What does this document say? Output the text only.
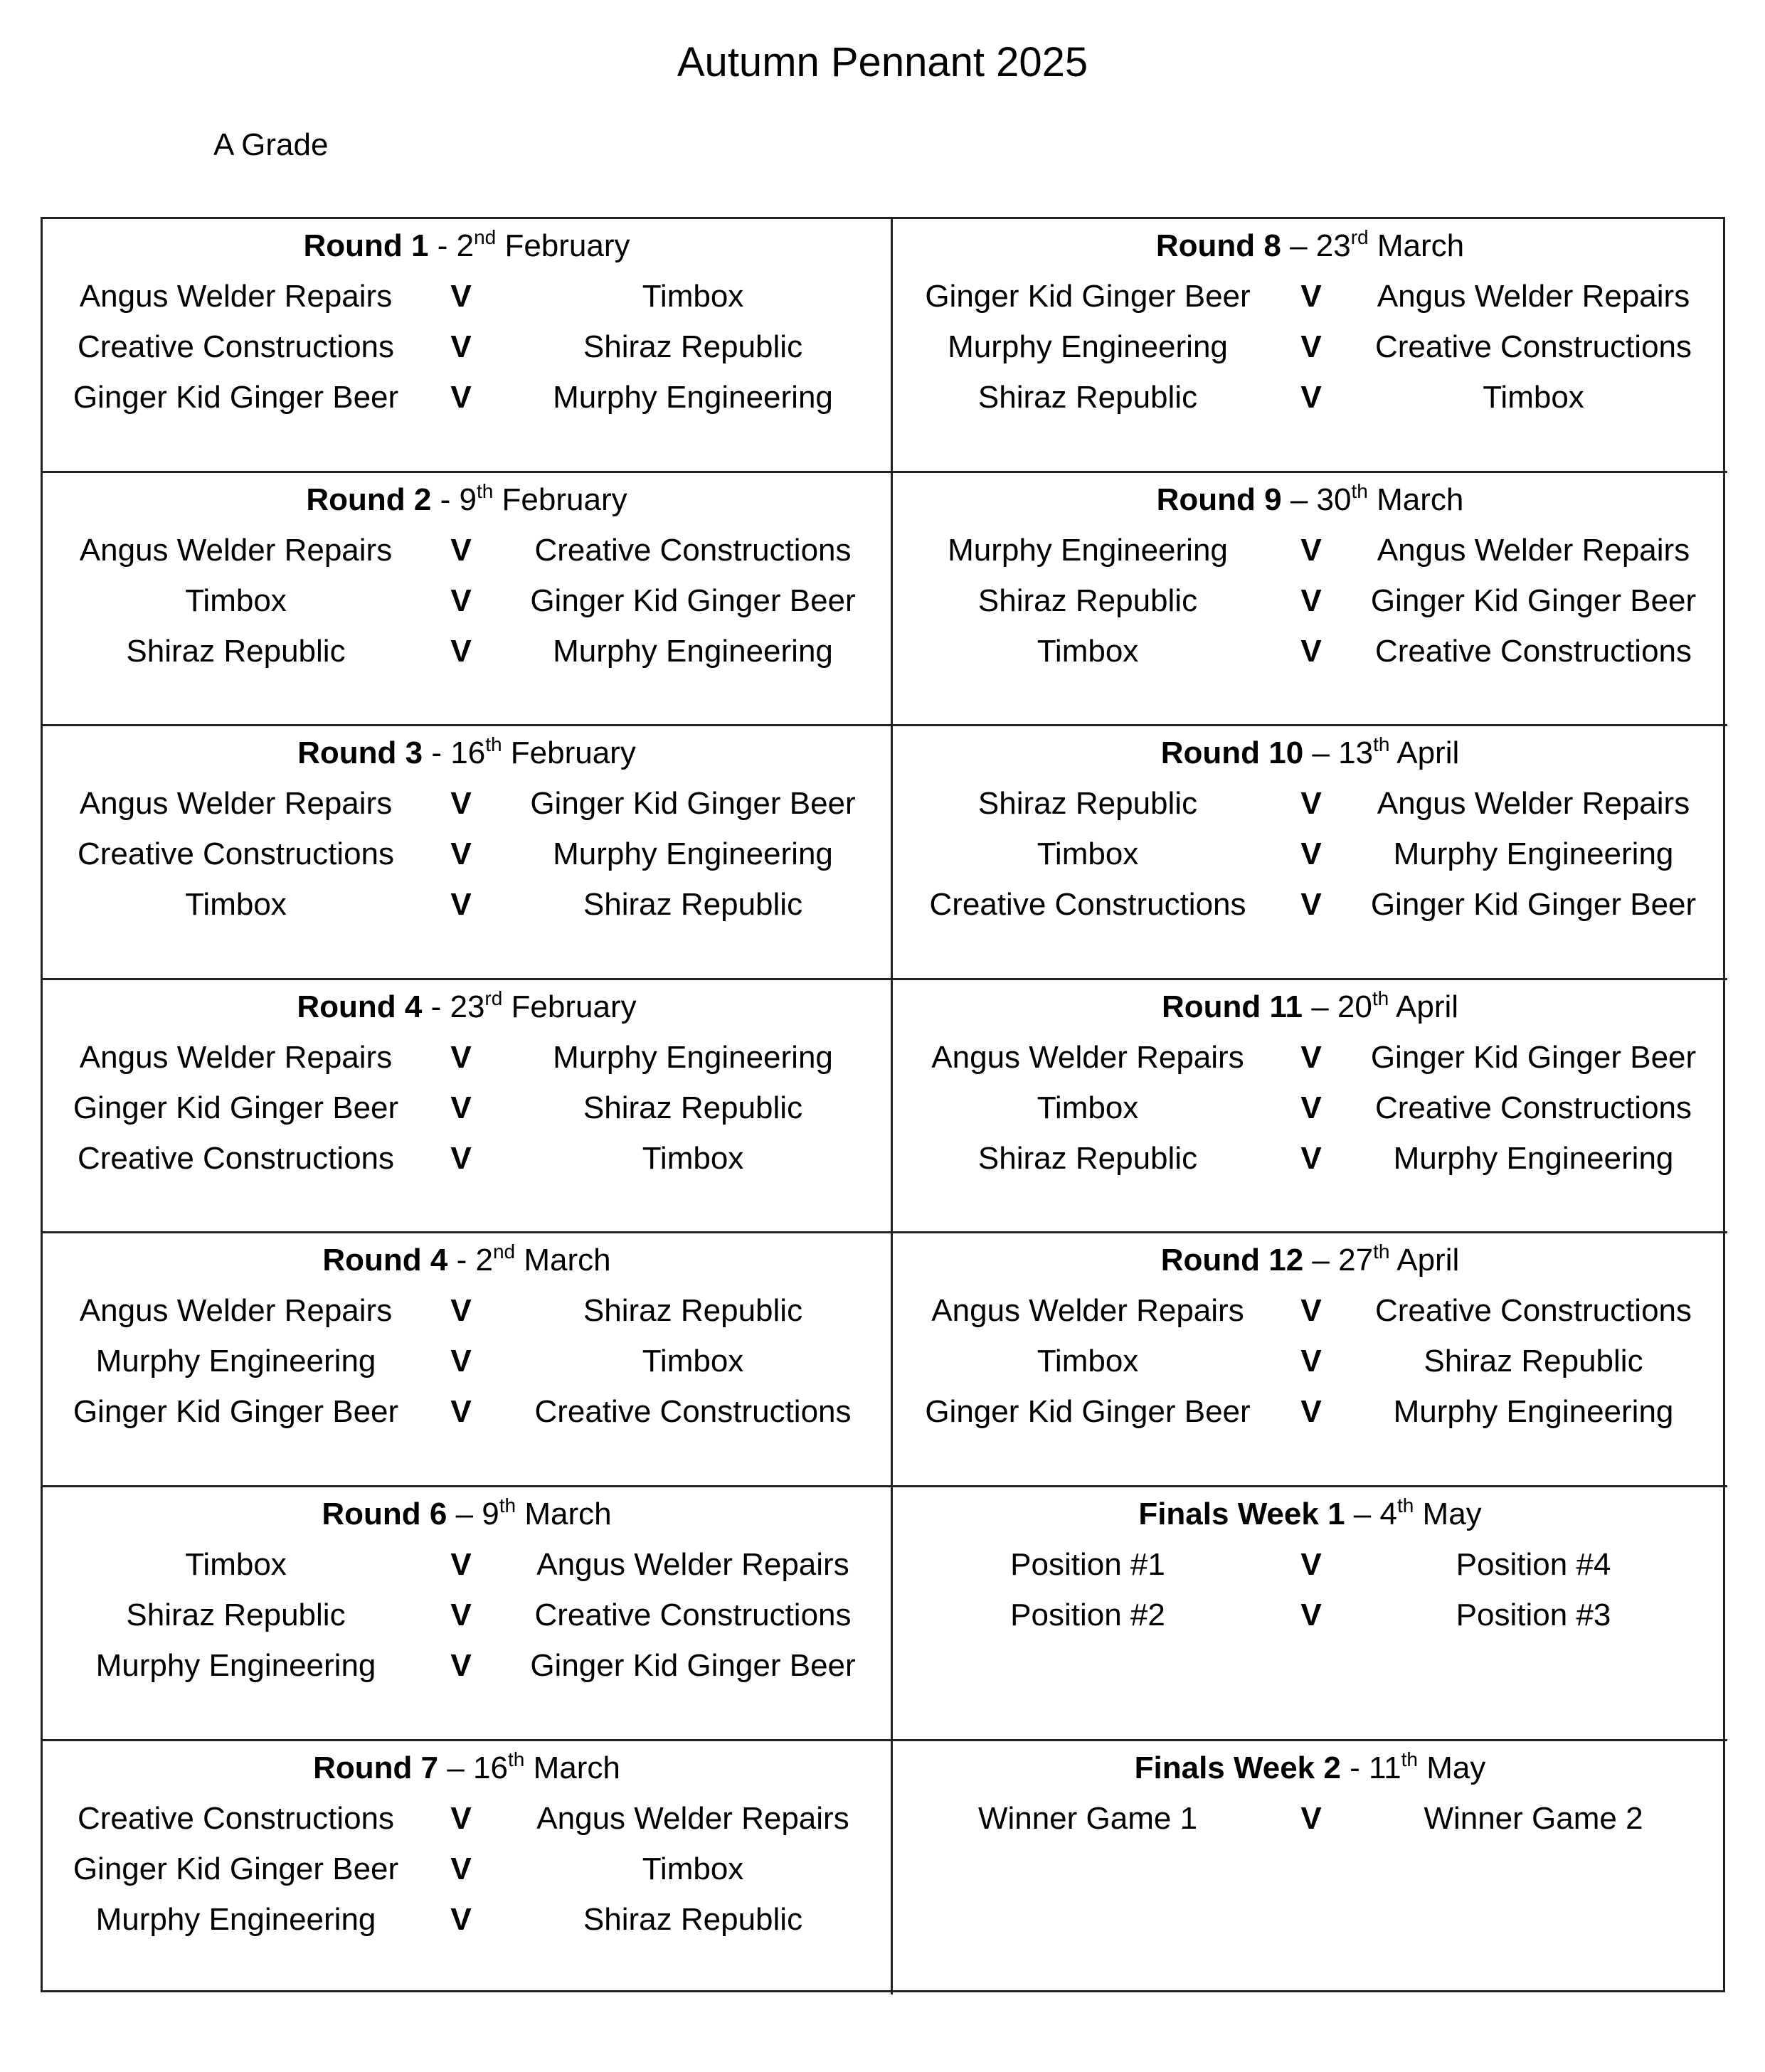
Autumn Pennant 2025
A Grade
Round 1 - 2nd February
Angus Welder Repairs	V	Timbox
Creative Constructions	V	Shiraz Republic
Ginger Kid Ginger Beer	V	Murphy Engineering
Round 8 – 23rd March
Ginger Kid Ginger Beer	V	Angus Welder Repairs
Murphy Engineering	V	Creative Constructions
Shiraz Republic	V	Timbox
Round 2 - 9th February
Angus Welder Repairs	V	Creative Constructions
Timbox	V	Ginger Kid Ginger Beer
Shiraz Republic	V	Murphy Engineering
Round 9 – 30th March
Murphy Engineering	V	Angus Welder Repairs
Shiraz Republic	V	Ginger Kid Ginger Beer
Timbox	V	Creative Constructions
Round 3 - 16th February
Angus Welder Repairs	V	Ginger Kid Ginger Beer
Creative Constructions	V	Murphy Engineering
Timbox	V	Shiraz Republic
Round 10 – 13th April
Shiraz Republic	V	Angus Welder Repairs
Timbox	V	Murphy Engineering
Creative Constructions	V	Ginger Kid Ginger Beer
Round 4 - 23rd February
Angus Welder Repairs	V	Murphy Engineering
Ginger Kid Ginger Beer	V	Shiraz Republic
Creative Constructions	V	Timbox
Round 11 – 20th April
Angus Welder Repairs	V	Ginger Kid Ginger Beer
Timbox	V	Creative Constructions
Shiraz Republic	V	Murphy Engineering
Round 4 - 2nd March
Angus Welder Repairs	V	Shiraz Republic
Murphy Engineering	V	Timbox
Ginger Kid Ginger Beer	V	Creative Constructions
Round 12 – 27th April
Angus Welder Repairs	V	Creative Constructions
Timbox	V	Shiraz Republic
Ginger Kid Ginger Beer	V	Murphy Engineering
Round 6 – 9th March
Timbox	V	Angus Welder Repairs
Shiraz Republic	V	Creative Constructions
Murphy Engineering	V	Ginger Kid Ginger Beer
Finals Week 1 – 4th May
Position #1	V	Position #4
Position #2	V	Position #3
Round 7 – 16th March
Creative Constructions	V	Angus Welder Repairs
Ginger Kid Ginger Beer	V	Timbox
Murphy Engineering	V	Shiraz Republic
Finals Week 2 - 11th May
Winner Game 1	V	Winner Game 2
